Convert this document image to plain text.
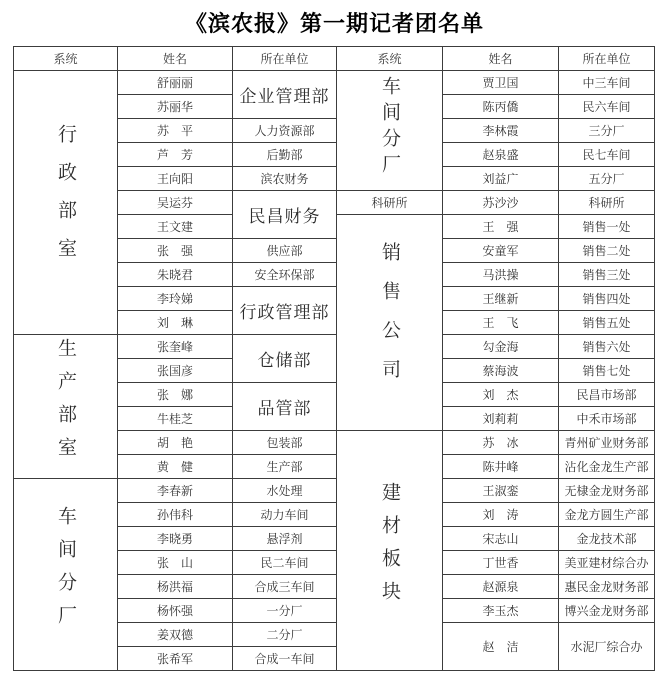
《滨农报》第一期记者团名单
系统	姓名	所在单位	系统	姓名	所在单位
行政部室	舒丽丽	企业管理部	车间分厂	贾卫国	中三车间
	苏丽华			陈丙僑	民六车间
	苏　平	人力资源部		李林霞	三分厂
	芦　芳	后勤部		赵泉盛	民七车间
	王向阳	滨农财务		刘益广	五分厂
	吴运芬	民昌财务	科研所	苏沙沙	科研所
	王文建		销售公司	王　强	销售一处
	张　强	供应部		安童军	销售二处
	朱晓君	安全环保部		马洪操	销售三处
	李玲娣	行政管理部		王继新	销售四处
	刘　琳			王　飞	销售五处
生产部室	张奎峰	仓储部		勾金海	销售六处
	张国彦			蔡海波	销售七处
	张　娜	品管部		刘　杰	民昌市场部
	牛桂芝			刘莉莉	中禾市场部
	胡　艳	包装部	建材板块	苏　冰	青州矿业财务部
	黄　健	生产部		陈井峰	沾化金龙生产部
车间分厂	李春新	水处理		王淑銮	无棣金龙财务部
	孙伟科	动力车间		刘　涛	金龙方圆生产部
	李晓勇	悬浮剂		宋志山	金龙技术部
	张　山	民二车间		丁世香	美亚建材综合办
	杨洪福	合成三车间		赵源泉	惠民金龙财务部
	杨怀强	一分厂		李玉杰	博兴金龙财务部
	姜双德	二分厂		赵　洁	水泥厂综合办
	张希军	合成一车间			
